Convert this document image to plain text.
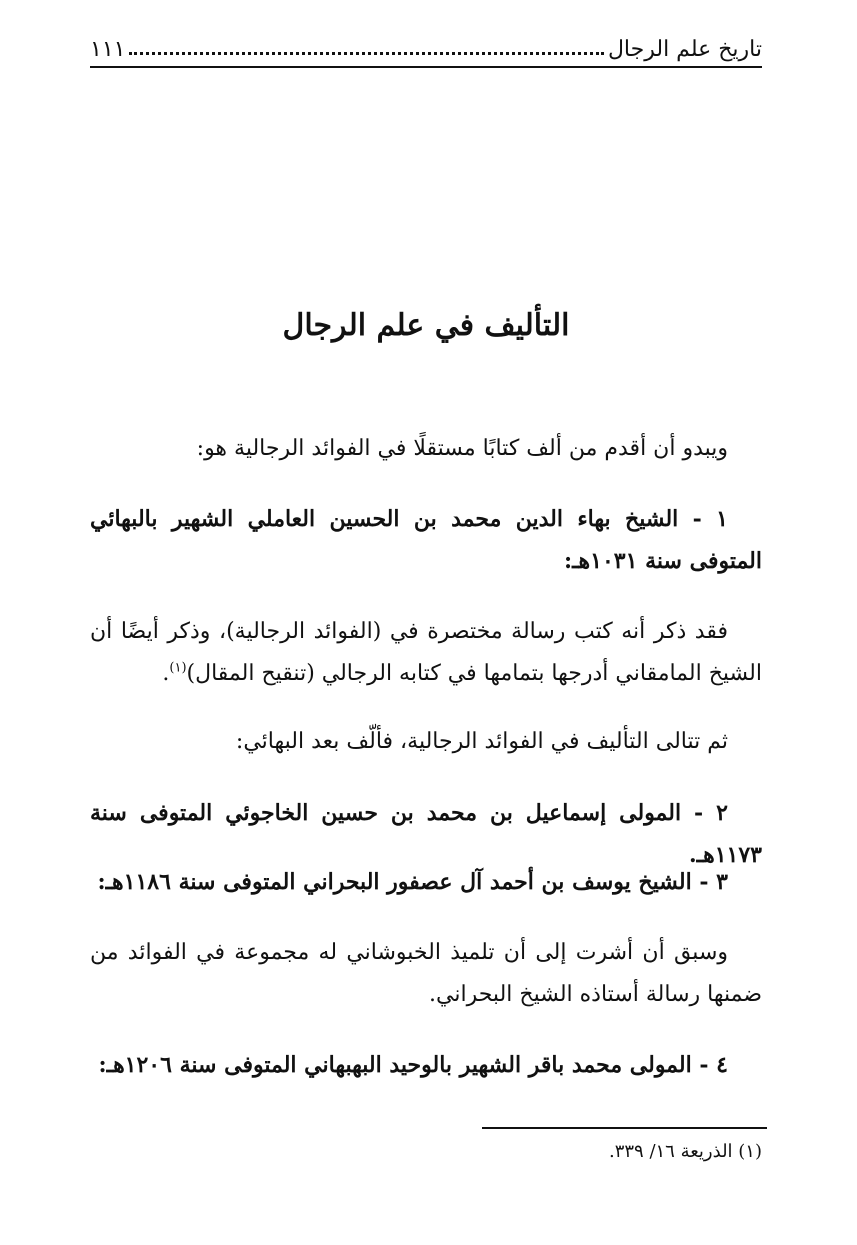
تاريخ علم الرجال
١١١
التأليف في علم الرجال

ويبدو أن أقدم من ألف كتابًا مستقلًا في الفوائد الرجالية هو:

١ - الشيخ بهاء الدين محمد بن الحسين العاملي الشهير بالبهائي المتوفى سنة ١٠٣١هـ:

فقد ذكر أنه كتب رسالة مختصرة في (الفوائد الرجالية)، وذكر أيضًا أن الشيخ المامقاني أدرجها بتمامها في كتابه الرجالي (تنقيح المقال)$^{(١)}$.

ثم تتالى التأليف في الفوائد الرجالية، فألّف بعد البهائي:

٢ - المولى إسماعيل بن محمد بن حسين الخاجوئي المتوفى سنة ١١٧٣هـ.

٣ - الشيخ يوسف بن أحمد آل عصفور البحراني المتوفى سنة ١١٨٦هـ:

وسبق أن أشرت إلى أن تلميذ الخبوشاني له مجموعة في الفوائد من ضمنها رسالة أستاذه الشيخ البحراني.

٤ - المولى محمد باقر الشهير بالوحيد البهبهاني المتوفى سنة ١٢٠٦هـ:

(١) الذريعة ١٦/ ٣٣٩.
